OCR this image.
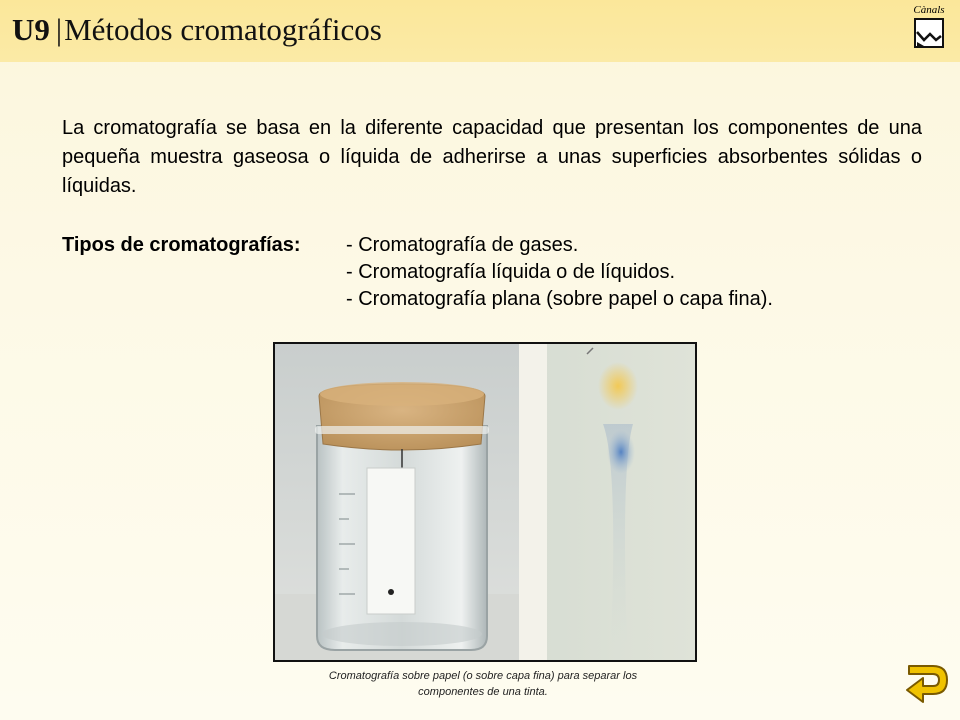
U9 |Métodos cromatográficos
Cànals

La cromatografía se basa en la diferente capacidad que presentan los componentes de una pequeña muestra gaseosa o líquida de adherirse a unas superficies absorbentes sólidas o líquidas.

Tipos de cromatografías: - Cromatografía de gases.
- Cromatografía líquida o de líquidos.
- Cromatografía plana (sobre papel o capa fina).
Cromatografía sobre papel (o sobre capa fina) para separar los
componentes de una tinta.
